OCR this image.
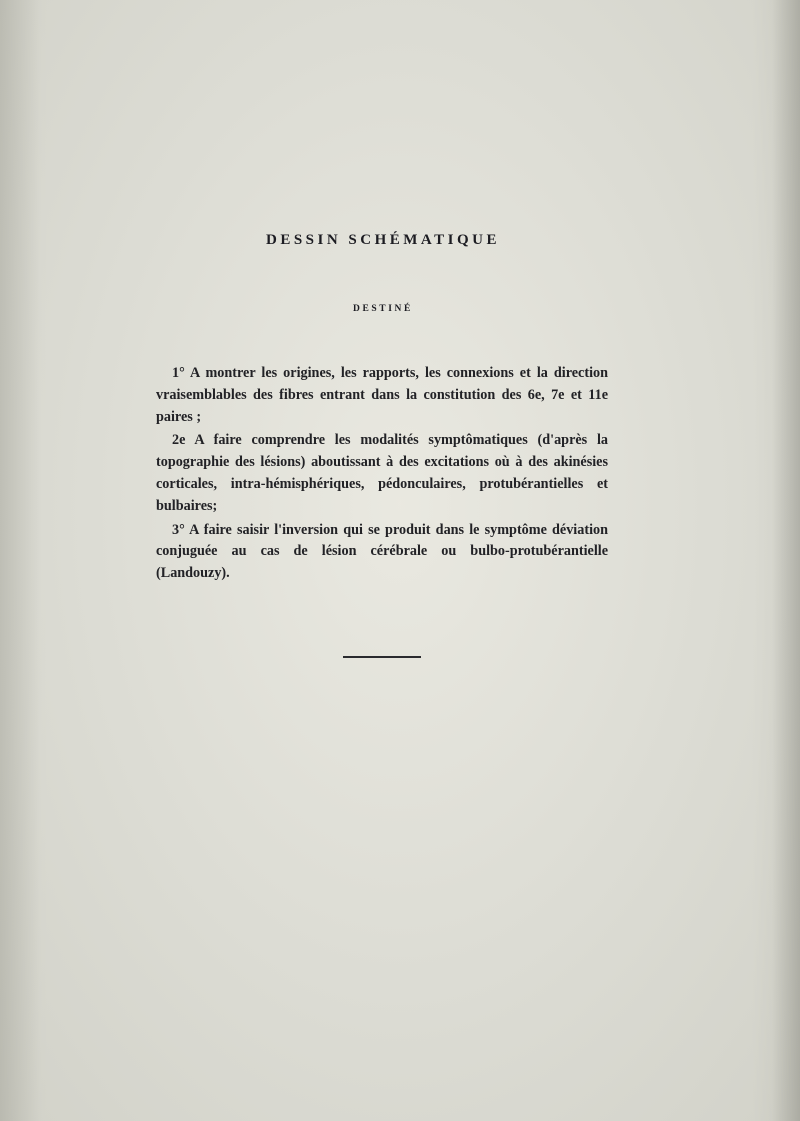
DESSIN SCHÉMATIQUE
DESTINÉ

1° A montrer les origines, les rapports, les connexions et la direction vraisemblables des fibres entrant dans la constitution des 6e, 7e et 11e paires ;

2e A faire comprendre les modalités symptômatiques (d'après la topographie des lésions) aboutissant à des excitations où à des akinésies corticales, intra-hémisphériques, pédonculaires, protubérantielles et bulbaires;

3° A faire saisir l'inversion qui se produit dans le symptôme déviation conjuguée au cas de lésion cérébrale ou bulbo-protubérantielle (Landouzy).
